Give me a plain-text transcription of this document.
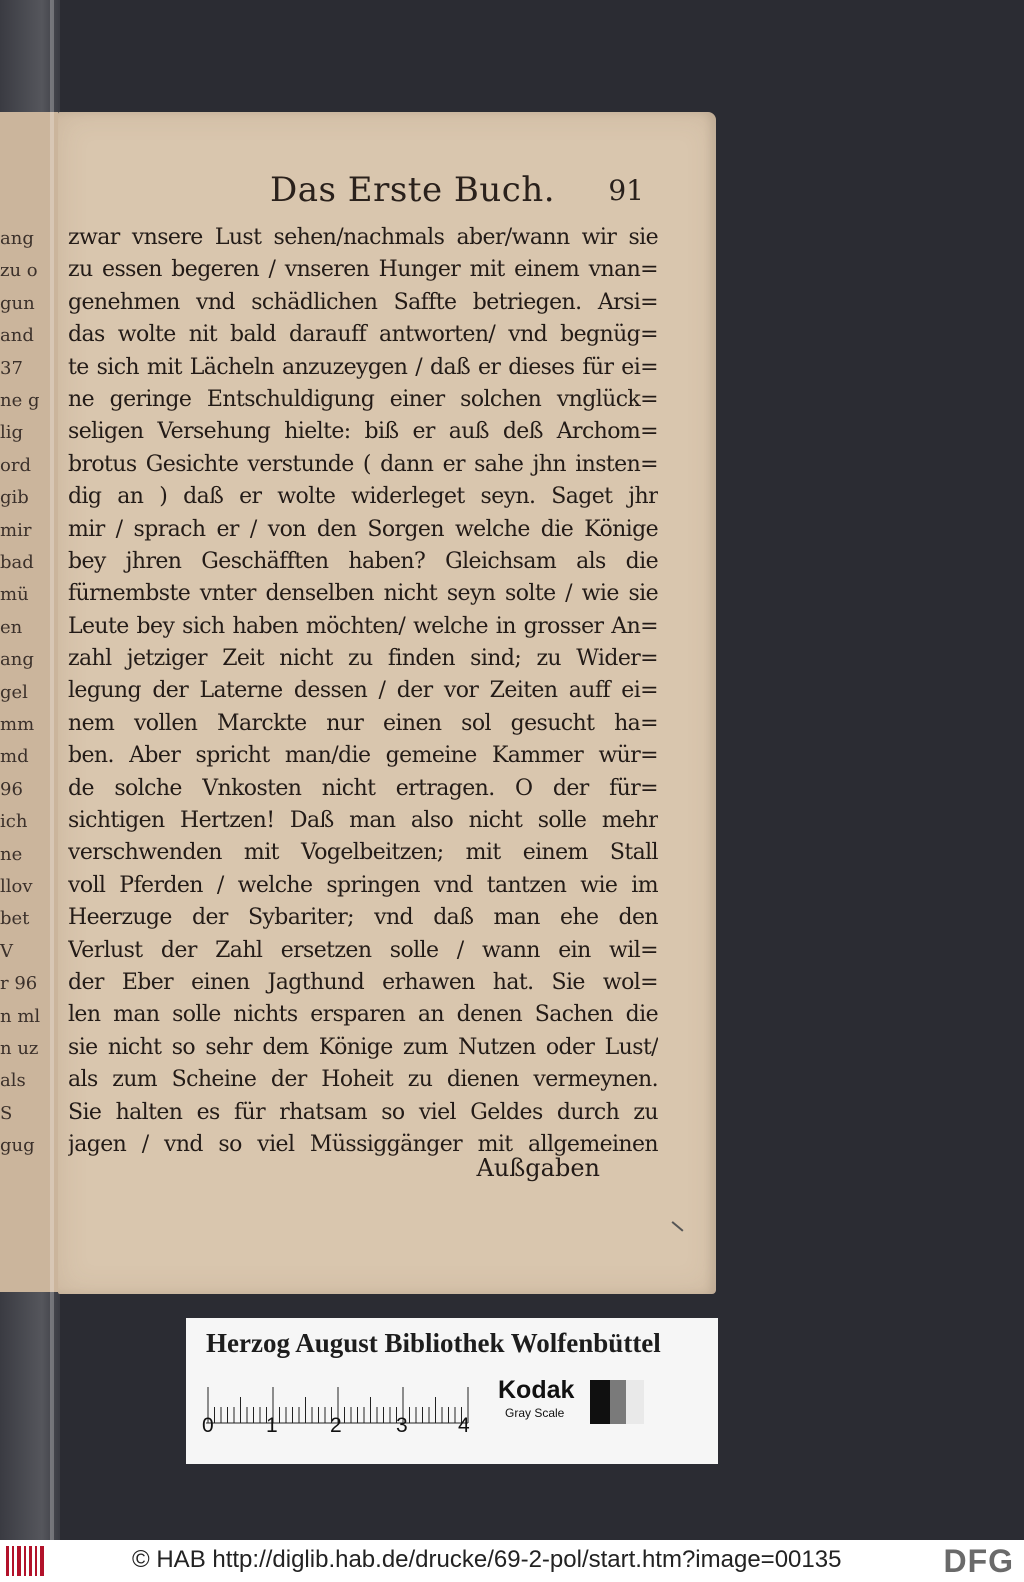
ang
zu o
gun
and
37
ne g
lig
ord
gib
mir
bad
mü
en
ang
gel
mm
md
96
ich
ne
llov
bet
V
r 96
n ml
n uz
als
S
gug
Das Erste Buch. 91
zwar vnsere Lust sehen/nachmals aber/wann wir sie
zu essen begeren / vnseren Hunger mit einem vnan=
genehmen vnd schädlichen Saffte betriegen. Arsi=
das wolte nit bald darauff antworten/ vnd begnüg=
te sich mit Lächeln anzuzeygen / daß er dieses für ei=
ne geringe Entschuldigung einer solchen vnglück=
seligen Versehung hielte: biß er auß deß Archom=
brotus Gesichte verstunde ( dann er sahe jhn insten=
dig an ) daß er wolte widerleget seyn. Saget jhr
mir / sprach er / von den Sorgen welche die Könige
bey jhren Geschäfften haben? Gleichsam als die
fürnembste vnter denselben nicht seyn solte / wie sie
Leute bey sich haben möchten/ welche in grosser An=
zahl jetziger Zeit nicht zu finden sind; zu Wider=
legung der Laterne dessen / der vor Zeiten auff ei=
nem vollen Marckte nur einen sol gesucht ha=
ben. Aber spricht man/die gemeine Kammer wür=
de solche Vnkosten nicht ertragen. O der für=
sichtigen Hertzen! Daß man also nicht solle mehr
verschwenden mit Vogelbeitzen; mit einem Stall
voll Pferden / welche springen vnd tantzen wie im
Heerzuge der Sybariter; vnd daß man ehe den
Verlust der Zahl ersetzen solle / wann ein wil=
der Eber einen Jagthund erhawen hat. Sie wol=
len man solle nichts ersparen an denen Sachen die
sie nicht so sehr dem Könige zum Nutzen oder Lust/
als zum Scheine der Hoheit zu dienen vermeynen.
Sie halten es für rhatsam so viel Geldes durch zu
jagen / vnd so viel Müssiggänger mit allgemeinen
Außgaben
Herzog August Bibliothek Wolfenbüttel
0 1 2	3 4
Kodak
Gray Scale
© HAB http://diglib.hab.de/drucke/69-2-pol/start.htm?image=00135	DFG
